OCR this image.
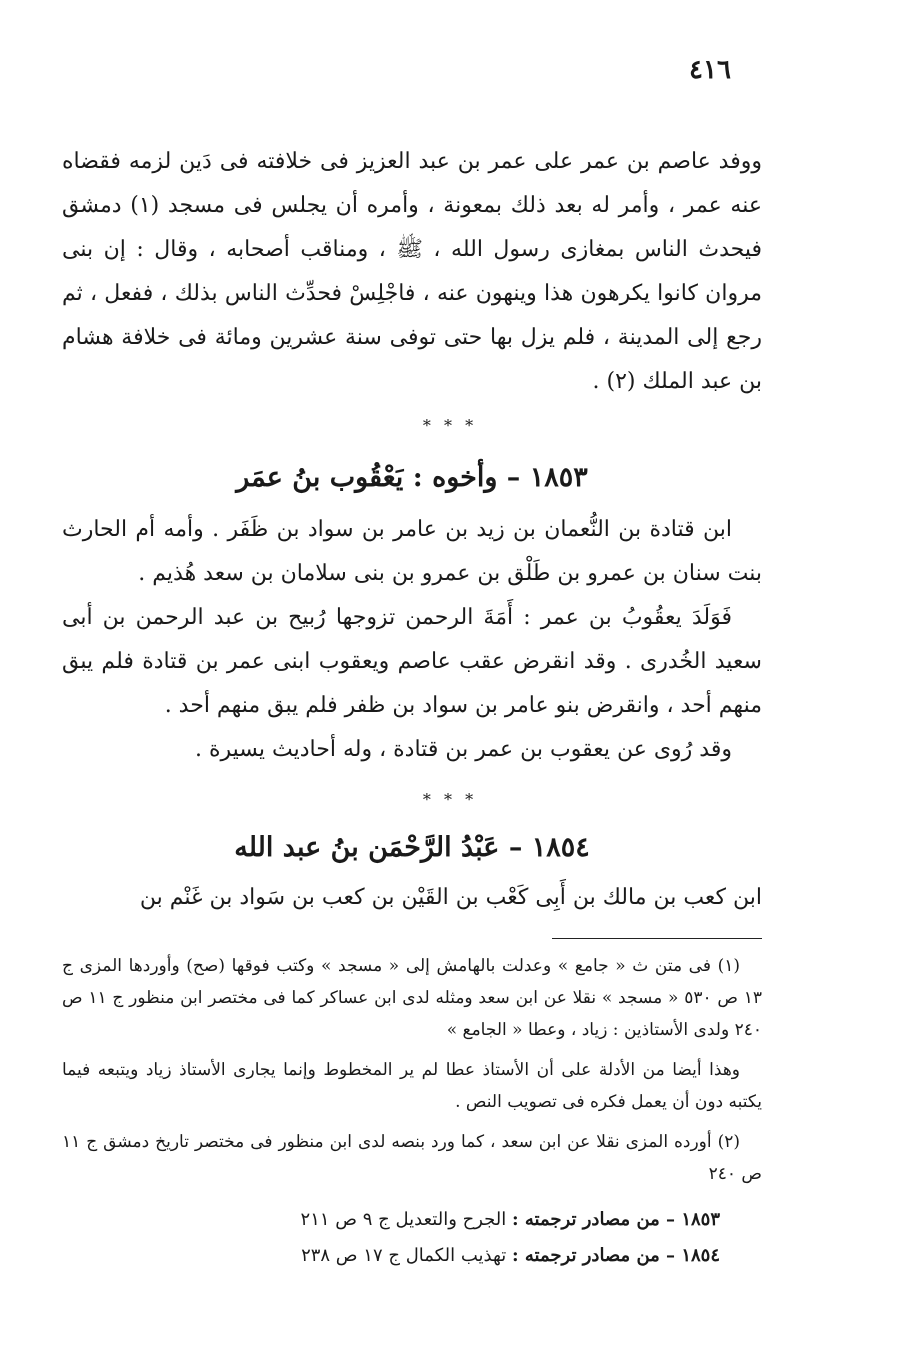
٤١٦
ووفد عاصم بن عمر على عمر بن عبد العزيز فى خلافته فى دَين لزمه فقضاه عنه عمر ، وأمر له بعد ذلك بمعونة ، وأمره أن يجلس فى مسجد (١) دمشق فيحدث الناس بمغازى رسول الله ، ﷺ ، ومناقب أصحابه ، وقال : إن بنى مروان كانوا يكرهون هذا وينهون عنه ، فاجْلِسْ فحدِّث الناس بذلك ، ففعل ، ثم رجع إلى المدينة ، فلم يزل بها حتى توفى سنة عشرين ومائة فى خلافة هشام بن عبد الملك (٢) .
* * *
١٨٥٣ – وأخوه : يَعْقُوب بنُ عمَر

ابن قتادة بن النُّعمان بن زيد بن عامر بن سواد بن ظَفَر . وأمه أم الحارث بنت سنان بن عمرو بن طَلْق بن عمرو بن بنى سلامان بن سعد هُذيم .

فَوَلَدَ يعقُوبُ بن عمر : أَمَةَ الرحمن تزوجها رُبيح بن عبد الرحمن بن أبى سعيد الخُدرى . وقد انقرض عقب عاصم ويعقوب ابنى عمر بن قتادة فلم يبق منهم أحد ، وانقرض بنو عامر بن سواد بن ظفر فلم يبق منهم أحد .

وقد رُوى عن يعقوب بن عمر بن قتادة ، وله أحاديث يسيرة .

* * *
١٨٥٤ – عَبْدُ الرَّحْمَن بنُ عبد الله
ابن كعب بن مالك بن أَبِى كَعْب بن القَيْن بن كعب بن سَواد بن غَنْم بن

(١) فى متن ث « جامع » وعدلت بالهامش إلى « مسجد » وكتب فوقها (صح) وأوردها المزى ج ١٣ ص ٥٣٠ « مسجد » نقلا عن ابن سعد ومثله لدى ابن عساكر كما فى مختصر ابن منظور ج ١١ ص ٢٤٠ ولدى الأستاذين : زياد ، وعطا « الجامع »

وهذا أيضا من الأدلة على أن الأستاذ عطا لم ير المخطوط وإنما يجارى الأستاذ زياد ويتبعه فيما يكتبه دون أن يعمل فكره فى تصويب النص .

(٢) أورده المزى نقلا عن ابن سعد ، كما ورد بنصه لدى ابن منظور فى مختصر تاريخ دمشق ج ١١ ص ٢٤٠

١٨٥٣ – من مصادر ترجمته : الجرح والتعديل ج ٩ ص ٢١١
١٨٥٤ – من مصادر ترجمته : تهذيب الكمال ج ١٧ ص ٢٣٨
